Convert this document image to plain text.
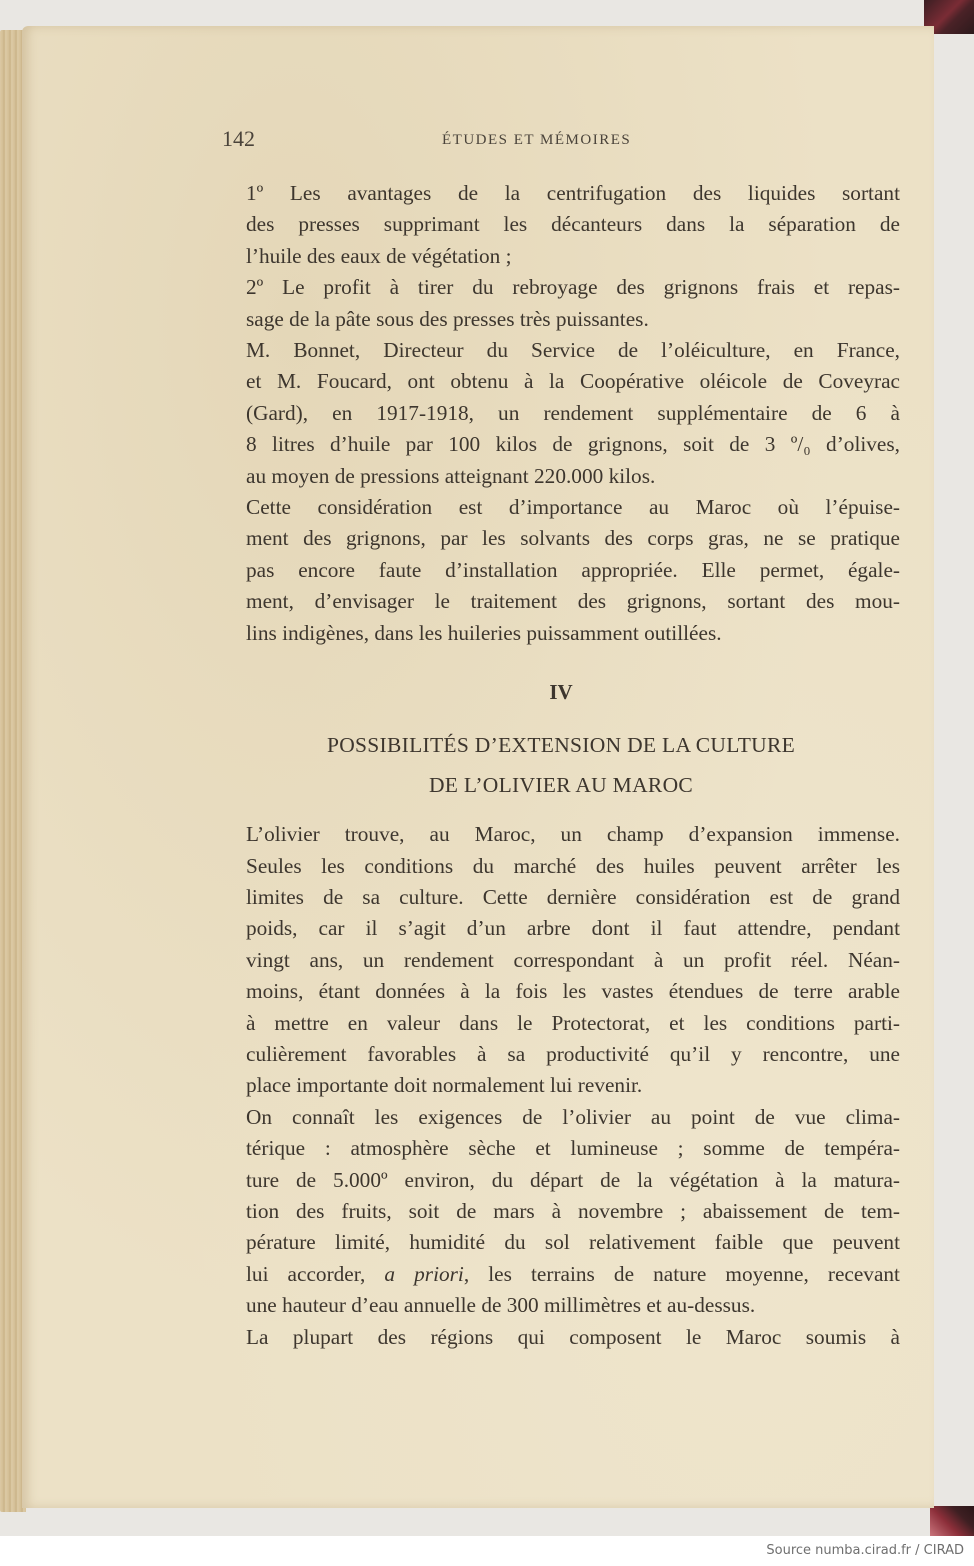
142	ÉTUDES ET MÉMOIRES
1º Les avantages de la centrifugation des liquides sortant
des presses supprimant les décanteurs dans la séparation de
l’huile des eaux de végétation ;
2º Le profit à tirer du rebroyage des grignons frais et repas-
sage de la pâte sous des presses très puissantes.
M. Bonnet, Directeur du Service de l’oléiculture, en France,
et M. Foucard, ont obtenu à la Coopérative oléicole de Coveyrac
(Gard), en 1917-1918, un rendement supplémentaire de 6 à
8 litres d’huile par 100 kilos de grignons, soit de 3 º/₀ d’olives,
au moyen de pressions atteignant 220.000 kilos.
Cette considération est d’importance au Maroc où l’épuise-
ment des grignons, par les solvants des corps gras, ne se pratique
pas encore faute d’installation appropriée. Elle permet, égale-
ment, d’envisager le traitement des grignons, sortant des mou-
lins indigènes, dans les huileries puissamment outillées.
IV
POSSIBILITÉS D’EXTENSION DE LA CULTURE
DE L’OLIVIER AU MAROC
L’olivier trouve, au Maroc, un champ d’expansion immense.
Seules les conditions du marché des huiles peuvent arrêter les
limites de sa culture. Cette dernière considération est de grand
poids, car il s’agit d’un arbre dont il faut attendre, pendant
vingt ans, un rendement correspondant à un profit réel. Néan-
moins, étant données à la fois les vastes étendues de terre arable
à mettre en valeur dans le Protectorat, et les conditions parti-
culièrement favorables à sa productivité qu’il y rencontre, une
place importante doit normalement lui revenir.
On connaît les exigences de l’olivier au point de vue clima-
térique : atmosphère sèche et lumineuse ; somme de tempéra-
ture de 5.000º environ, du départ de la végétation à la matura-
tion des fruits, soit de mars à novembre ; abaissement de tem-
pérature limité, humidité du sol relativement faible que peuvent
lui accorder, a priori, les terrains de nature moyenne, recevant
une hauteur d’eau annuelle de 300 millimètres et au-dessus.
La plupart des régions qui composent le Maroc soumis à
Source numba.cirad.fr / CIRAD
